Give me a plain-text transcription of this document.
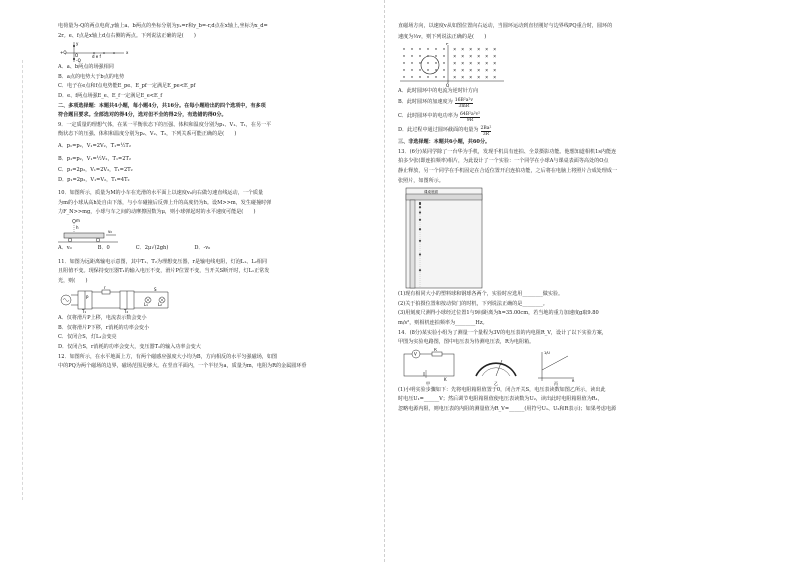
电荷量为-Q的两点电荷,y轴上a、b两点的坐标分别为yₐ=r和y_b=-r,d点在x轴上,坐标为x_d=
2r。e、f点是x轴上d点右侧的两点。下列说法正确的是(　　)
+Q
-Q
x
y
O	d e f
A．a、b两点的场强相同
B．a点的电势大于b点的电势
C．电子在e点和f点电势能E_pe、E_pf一定满足E_pe<E_pf
D．e、f两点场强E_e、E_f一定满足E_e<E_f
二、多项选择题：本题共4小题，每小题4分，共16分。在每小题给出的四个选项中，有多项
符合题目要求。全部选对的得4分，选对但不全的得2分，有选错的得0分。
9．一定质量的理想气体，在某一平衡状态下的压强、体积和温度分别为p₁、V₁、T₁，在另一平
衡状态下的压强、体积和温度分别为p₂、V₂、T₂，下列关系可能正确的是(　　)
A．p₁=p₂，V₁=2V₂，T₁=½T₂
B．p₁=p₂，V₁=½V₂，T₁=2T₂
C．p₁=2p₂，V₁=2V₂，T₁=2T₂
D．p₁=2p₂，V₁=V₂，T₁=4T₂
10．如图所示，质量为M的小车在光滑的水平面上以速度v₀向右做匀速直线运动，一个质量
为m的小球从高h处自由下落，与小车碰撞后反弹上升的高度仍为h。设M>>m，发生碰撞时弹
力F_N>>mg，小球与车之间的动摩擦因数为μ，则小球弹起时的水平速度可能是(　　)
m
h
v₀
A．v₀	B．0	C．2μ√(2gh)	D．-v₀
11．如图为远距离输电示意图，其中T₁、T₂为理想变压器，r是输电线电阻，灯泡L₁、L₂相同
且阻值不变。现保持变压器T₁的输入电压不变，滑片P位置不变，当开关S断开时，灯L₁正常发
光，则(　　)
T₁	T₂
r
P
S
L₁	L₂
A．仅将滑片P上移，电流表示数会变小
B．仅将滑片P下移，r消耗的功率会变小
C．仅闭合S，灯L₁会变亮
D．仅闭合S，r消耗的功率会变大，变压器T₁的输入功率会变大
12．如图所示，在水平地面上方，有两个磁感应强度大小均为B，方向相反的水平匀强磁场，如图
中的PQ为两个磁场的边界，磁场范围足够大。在竖直平面内，一个半径为a，质量为m，电阻为R的金属圆环垂
直磁场方向，以速度v从如图位置向右运动，当圆环运动到直径刚好与边界线PQ重合时，圆环的
速度为⅓v，则下列说法正确的是(　　)
× × × × × ×
× × × × × ×
× × × × × ×
× × × × × ×
× × × × × ×
P
Q
A．此时圆环中的电流为逆时针方向
B．此时圆环的加速度为 $\frac{\text{16B²a²v}}{3mR}$
C．此时圆环中的电功率为 $\frac{\text{64B²a²v²}}{9R}$
D．此过程中通过圆环截面的电量为 $\frac{\text{2Ba²}}{3R}$
三、非选择题：本题共6小题，共60分。
13．(6分)某同学除了一台华为手机，发现手机具有连拍、全景摄影功能。他想知道相机1s内能连
拍多少张(即连拍频率)相片，为此设计了一个实验：一个同学在小球A与课桌表面等高处的O点
静止释放，另一个同学在手机固定在合适位置开启连拍功能，之后将在电脑上将照片合成处理成一
张照片，如图所示。
课桌底面
(1)现有相同大小的塑料球和钢球各两个，实验时应选用________做实验。
(2)关于拍摄位置和按动快门的时机，下列说法正确的是________。
(3)用刻度尺测得小球经过位置1与9间距离为h=35.00cm，若当地的重力加速度g取9.80
m/s²，则相机连拍频率为________Hz。
14．(8分)某实验小组为了测量一个量程为3V的电压表的内电阻R_V，设计了以下实验方案，
甲图为实验电路图，图中电压表为待测电压表，R为电阻箱。
V
R
K
甲	乙
1/U
R
丙
(1)小明实验步骤如下：先将电阻箱阻值置于0，闭合开关S，电压表读数如图乙所示，读出此
时电压U₁=______V；然后调节电阻箱阻值使电压表读数为U₂，读出此时电阻箱阻值为R₁，
忽略电源内阻，则电压表的内阻的测量值为R_V=______(用符号U₁、U₂和R表示)；如果考虑电源
